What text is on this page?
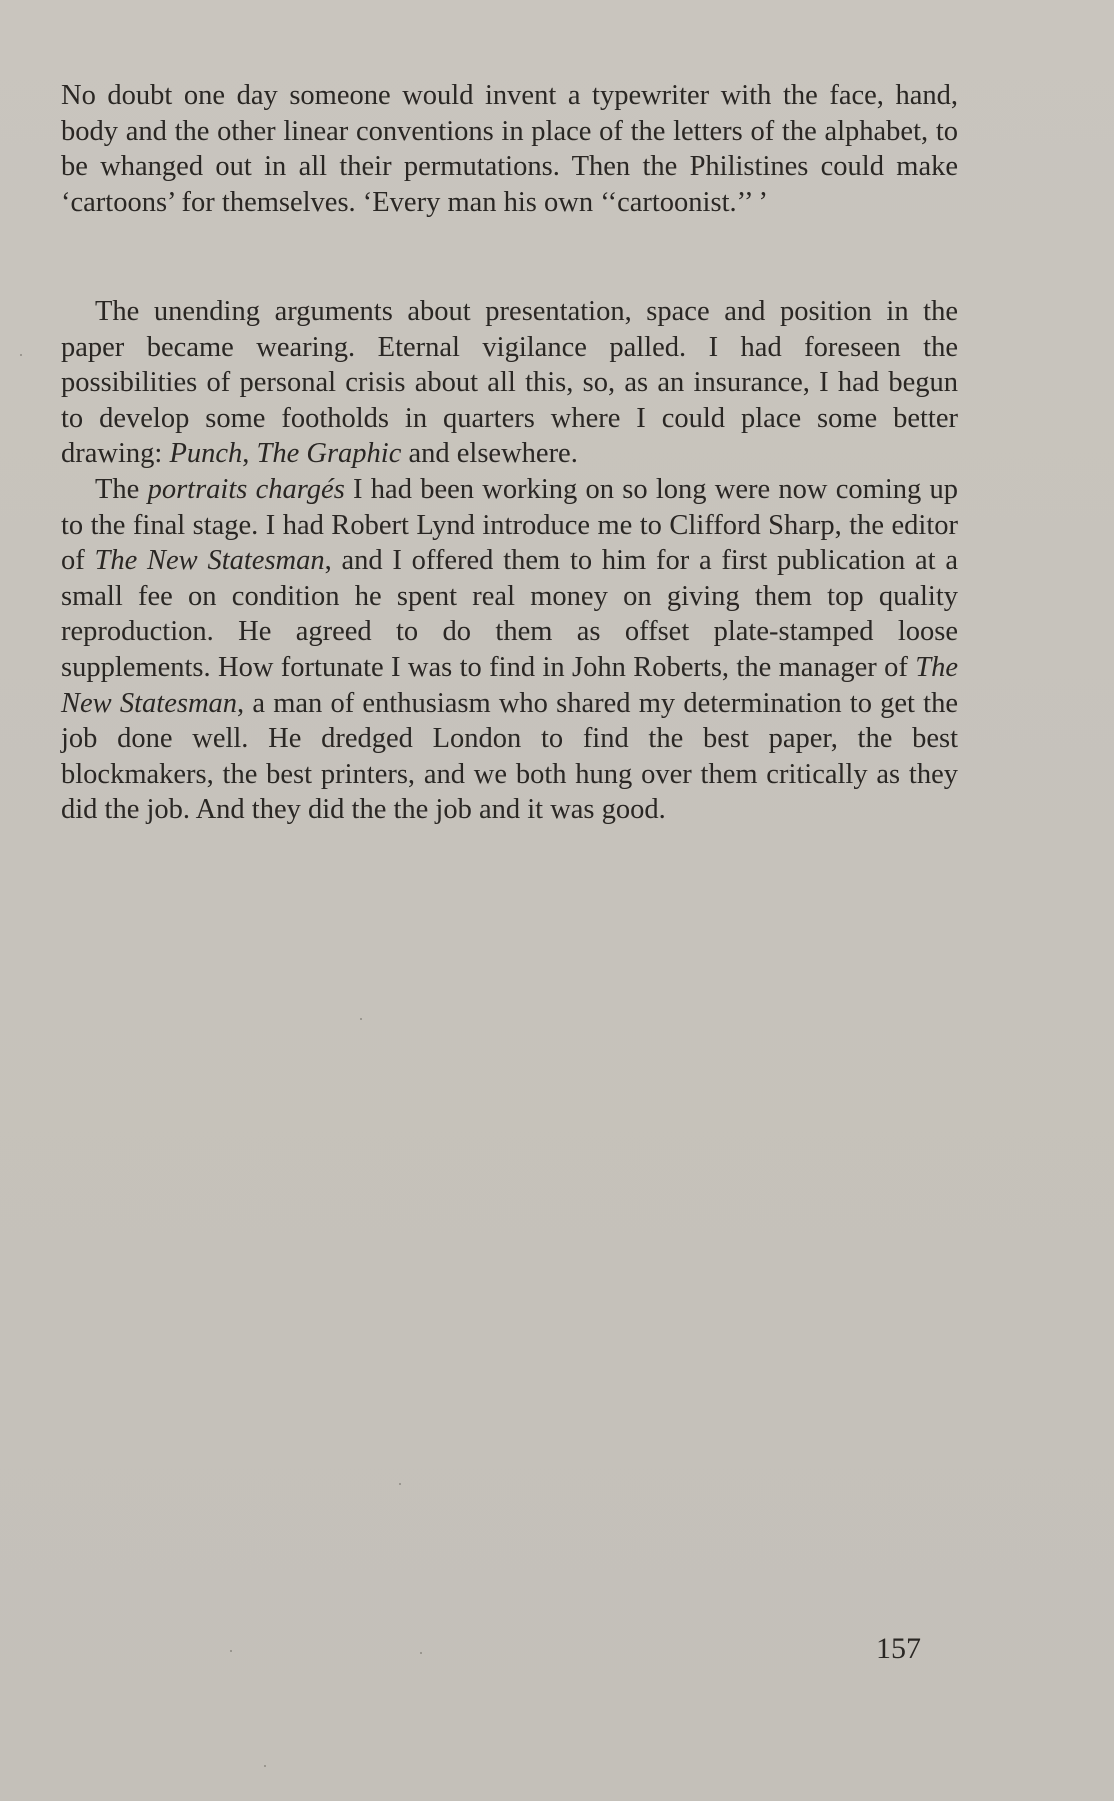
No doubt one day someone would invent a typewriter with the face, hand, body and the other linear conventions in place of the letters of the alphabet, to be whanged out in all their permutations. Then the Philistines could make ‘cartoons’ for themselves. ‘Every man his own ‘‘cartoonist.’’ ’

The unending arguments about presentation, space and position in the paper became wearing. Eternal vigilance palled. I had foreseen the possibilities of personal crisis about all this, so, as an insurance, I had begun to develop some footholds in quarters where I could place some better drawing: Punch, The Graphic and elsewhere.

The portraits chargés I had been working on so long were now coming up to the final stage. I had Robert Lynd introduce me to Clifford Sharp, the editor of The New Statesman, and I offered them to him for a first publication at a small fee on condition he spent real money on giving them top quality reproduction. He agreed to do them as offset plate-stamped loose supplements. How fortunate I was to find in John Roberts, the manager of The New Statesman, a man of enthusiasm who shared my determination to get the job done well. He dredged London to find the best paper, the best blockmakers, the best printers, and we both hung over them critically as they did the job. And they did the the job and it was good.

157
